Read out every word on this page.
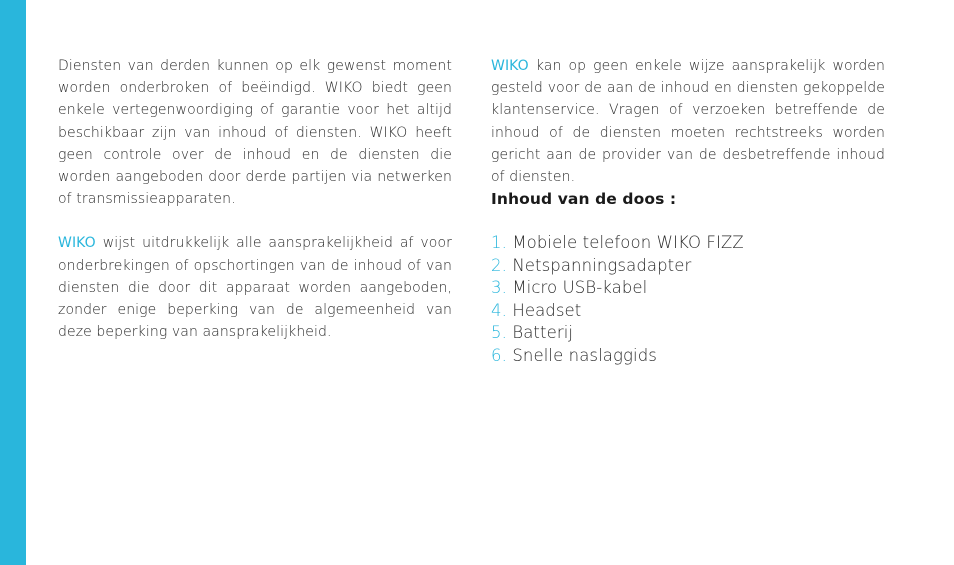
Diensten van derden kunnen op elk gewenst moment worden onderbroken of beëindigd. WIKO biedt geen enkele vertegenwoordiging of garantie voor het altijd beschikbaar zijn van inhoud of diensten. WIKO heeft geen controle over de inhoud en de diensten die worden aangeboden door derde partijen via netwerken of transmissieapparaten.

WIKO wijst uitdrukkelijk alle aansprakelijkheid af voor onderbrekingen of opschortingen van de inhoud of van diensten die door dit apparaat worden aangeboden, zonder enige beperking van de algemeenheid van deze beperking van aansprakelijkheid.

WIKO kan op geen enkele wijze aansprakelijk worden gesteld voor de aan de inhoud en diensten gekoppelde klantenservice. Vragen of verzoeken betreffende de inhoud of de diensten moeten rechtstreeks worden gericht aan de provider van de desbetreffende inhoud of diensten.

Inhoud van de doos :
1. Mobiele telefoon WIKO FIZZ
2. Netspanningsadapter
3. Micro USB-kabel
4. Headset
5. Batterij
6. Snelle naslaggids
